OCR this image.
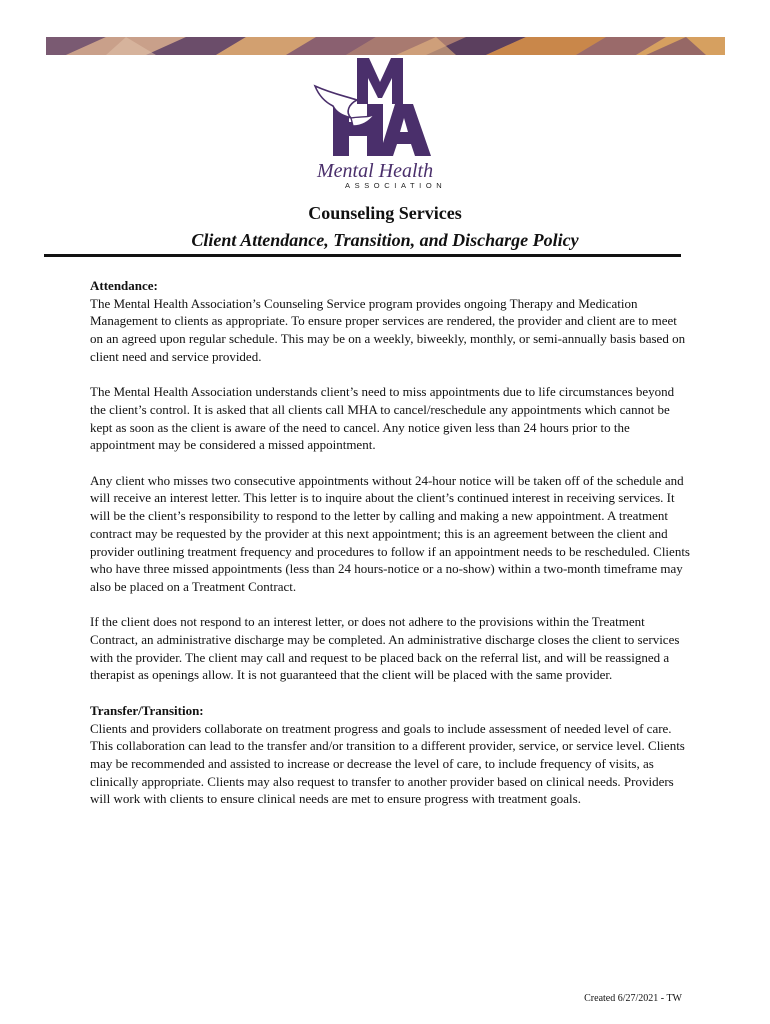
Mental Health
ASSOCIATION
Counseling Services
Client Attendance, Transition, and Discharge Policy

Attendance:
The Mental Health Association’s Counseling Service program provides ongoing Therapy and Medication Management to clients as appropriate. To ensure proper services are rendered, the provider and client are to meet on an agreed upon regular schedule. This may be on a weekly, biweekly, monthly, or semi-annually basis based on client need and service provided.

The Mental Health Association understands client’s need to miss appointments due to life circumstances beyond the client’s control. It is asked that all clients call MHA to cancel/reschedule any appointments which cannot be kept as soon as the client is aware of the need to cancel. Any notice given less than 24 hours prior to the appointment may be considered a missed appointment.

Any client who misses two consecutive appointments without 24-hour notice will be taken off of the schedule and will receive an interest letter. This letter is to inquire about the client’s continued interest in receiving services. It will be the client’s responsibility to respond to the letter by calling and making a new appointment. A treatment contract may be requested by the provider at this next appointment; this is an agreement between the client and provider outlining treatment frequency and procedures to follow if an appointment needs to be rescheduled. Clients who have three missed appointments (less than 24 hours-notice or a no-show) within a two-month timeframe may also be placed on a Treatment Contract.

If the client does not respond to an interest letter, or does not adhere to the provisions within the Treatment Contract, an administrative discharge may be completed. An administrative discharge closes the client to services with the provider. The client may call and request to be placed back on the referral list, and will be reassigned a therapist as openings allow. It is not guaranteed that the client will be placed with the same provider.

Transfer/Transition:
Clients and providers collaborate on treatment progress and goals to include assessment of needed level of care. This collaboration can lead to the transfer and/or transition to a different provider, service, or service level. Clients may be recommended and assisted to increase or decrease the level of care, to include frequency of visits, as clinically appropriate. Clients may also request to transfer to another provider based on clinical needs. Providers will work with clients to ensure clinical needs are met to ensure progress with treatment goals.

Created 6/27/2021 - TW
